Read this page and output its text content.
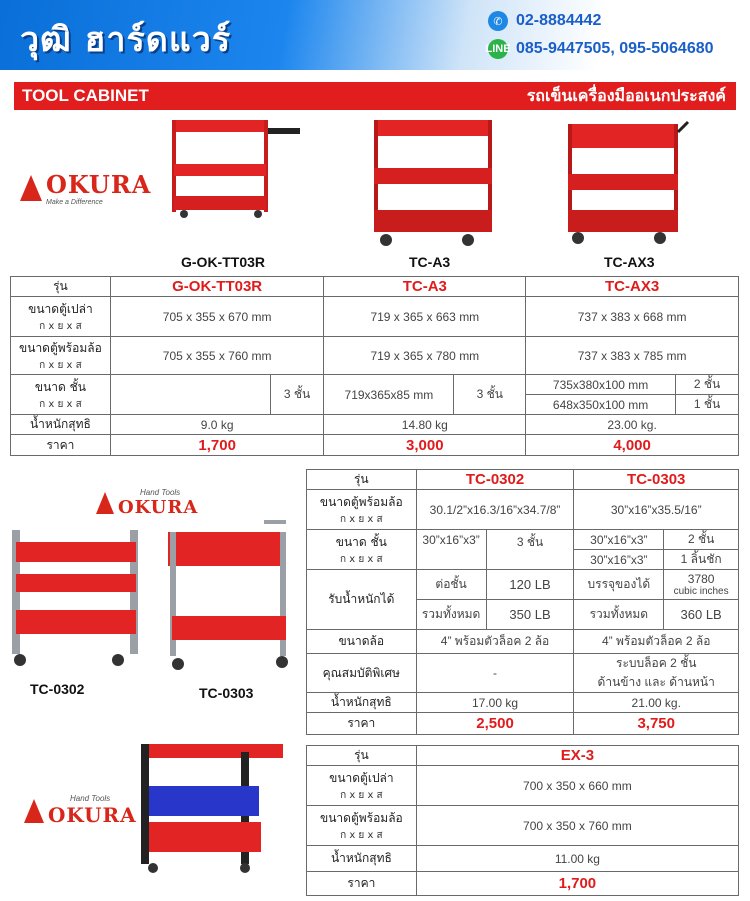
วุฒิ ฮาร์ดแวร์	✆ 02-8884442
LINE 085-9447505, 095-5064680
TOOL CABINET	รถเข็นเครื่องมืออเนกประสงค์
OKURA
Make a Difference
G-OK-TT03R	TC-A3	TC-AX3
รุ่น	G-OK-TT03R		TC-A3		TC-AX3	
ขนาดตู้เปล่า
ก x ย x ส	705 x 355 x 670 mm		719 x 365 x 663 mm		737 x 383 x 668 mm	
ขนาดตู้พร้อมล้อ
ก x ย x ส	705 x 355 x 760 mm		719 x 365 x 780 mm		737 x 383 x 785 mm	
ขนาด ชั้น
ก x ย x ส		3 ชั้น	719x365x85 mm	3 ชั้น	735x380x100 mm	2 ชั้น
					648x350x100 mm	1 ชั้น
น้ำหนักสุทธิ	9.0 kg		14.80 kg		23.00 kg.	
ราคา	1,700		3,000		4,000	
Hand Tools
OKURA
TC-0302	TC-0303
รุ่น	TC-0302		TC-0303	
ขนาดตู้พร้อมล้อ
ก x ย x ส	30.1/2”x16.3/16”x34.7/8”		30”x16”x35.5/16”	
ขนาด ชั้น
ก x ย x ส	30”x16”x3”	3 ชั้น	30”x16”x3”	2 ชั้น
			30”x16”x3”	1 ลิ้นชัก
รับน้ำหนักได้	ต่อชั้น	120 LB	บรรจุของได้	3780
cubic inches

	รวมทั้งหมด	350 LB	รวมทั้งหมด	360 LB
ขนาดล้อ	4” พร้อมตัวล็อค 2 ล้อ		4” พร้อมตัวล็อค 2 ล้อ	
คุณสมบัติพิเศษ	-		ระบบล็อค 2 ชั้น
ด้านข้าง และ ด้านหน้า	

น้ำหนักสุทธิ	17.00 kg		21.00 kg.	
ราคา	2,500		3,750	
Hand Tools
OKURA
รุ่น	EX-3
ขนาดตู้เปล่า
ก x ย x ส	700 x 350 x 660 mm
ขนาดตู้พร้อมล้อ
ก x ย x ส	700 x 350 x 760 mm
น้ำหนักสุทธิ	11.00 kg
ราคา	1,700
